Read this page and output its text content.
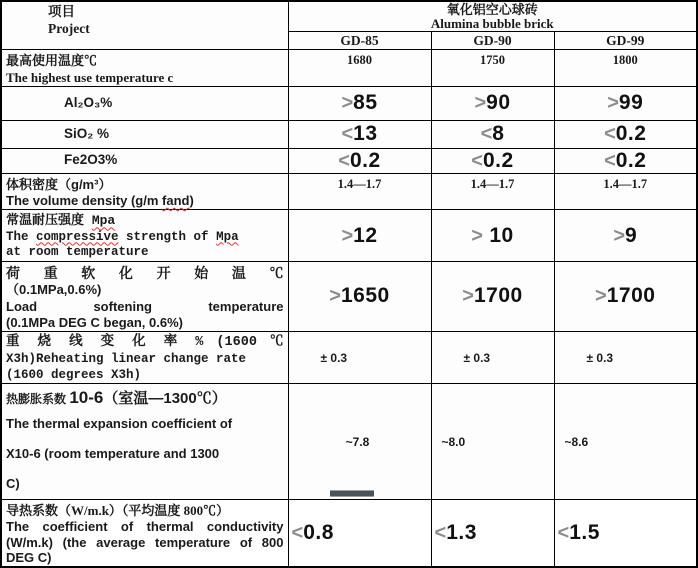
项目
Project

氧化铝空心球砖
Alumina bubble brick

	GD-85	GD-90	GD-99

最高使用温度℃
The highest use temperature c	1680	1750	1800
Al₂O₃%	>85	>90	>99
SiO₂ %	<13	<8	<0.2
Fe2O3%	<0.2	<0.2	<0.2

体积密度（g/m³）
The volume density (g/m fand)	1.4—1.7	1.4—1.7	1.4—1.7

常温耐压强度 Mpa
The compressive strength of Mpa
at room temperature	>12	> 10	>9

荷 重 软 化 开 始 温 ℃
（0.1MPa,0.6%)
Load softening temperature
(0.1MPa DEG C began, 0.6%)	>1650	>1700	>1700

重 烧 线 变 化 率 % (1600 ℃
X3h)Reheating linear change rate
(1600 degrees X3h)	± 0.3	± 0.3	± 0.3

热膨胀系数 10-6（室温—1300℃）
The thermal expansion coefficient of
X10-6 (room temperature and 1300
C)	~7.8	~8.0	~8.6

导热系数（W/m.k）（平均温度 800℃）
The coefficient of thermal conductivity (W/m.k) (the average temperature of 800 DEG C)	<0.8	<1.3	<1.5
